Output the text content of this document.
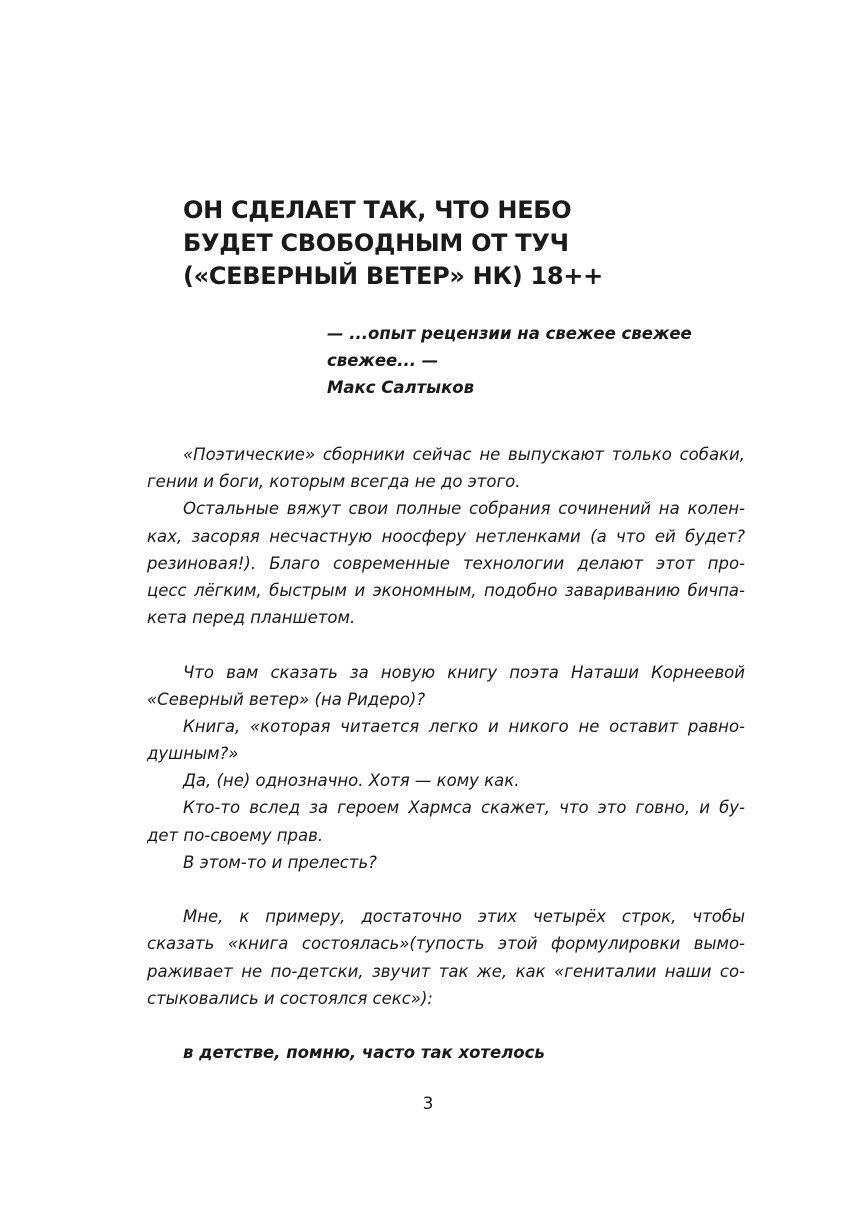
ОН СДЕЛАЕТ ТАК, ЧТО НЕБО
БУДЕТ СВОБОДНЫМ ОТ ТУЧ
(«СЕВЕРНЫЙ ВЕТЕР» НК) 18++
— ...опыт рецензии на свежее свежее
свежее... —
Макс Салтыков
«Поэтические» сборники сейчас не выпускают только собаки,
гении и боги, которым всегда не до этого.
Остальные вяжут свои полные собрания сочинений на колен-
ках, засоряя несчастную ноосферу нетленками (а что ей будет?
резиновая!). Благо современные технологии делают этот про-
цесс лёгким, быстрым и экономным, подобно завариванию бичпа-
кета перед планшетом.
Что вам сказать за новую книгу поэта Наташи Корнеевой
«Северный ветер» (на Ридеро)?
Книга, «которая читается легко и никого не оставит равно-
душным?»
Да, (не) однозначно. Хотя — кому как.
Кто-то вслед за героем Хармса скажет, что это говно, и бу-
дет по-своему прав.
В этом-то и прелесть?
Мне, к примеру, достаточно этих четырёх строк, чтобы
сказать «книга состоялась»(тупость этой формулировки вымо-
раживает не по-детски, звучит так же, как «гениталии наши со-
стыковались и состоялся секс»):
в детстве, помню, часто так хотелось
3
